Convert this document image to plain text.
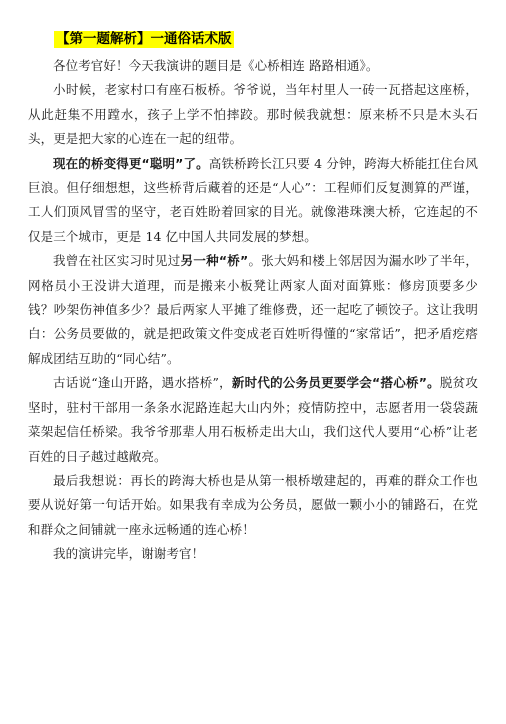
【第一题解析】一通俗话术版

各位考官好！今天我演讲的题目是《心桥相连 路路相通》。

小时候，老家村口有座石板桥。爷爷说，当年村里人一砖一瓦搭起这座桥，从此赶集不用蹚水，孩子上学不怕摔跤。那时候我就想：原来桥不只是木头石头，更是把大家的心连在一起的纽带。

现在的桥变得更“聪明”了。高铁桥跨长江只要 4 分钟，跨海大桥能扛住台风巨浪。但仔细想想，这些桥背后藏着的还是“人心”：工程师们反复测算的严谨，工人们顶风冒雪的坚守，老百姓盼着回家的目光。就像港珠澳大桥，它连起的不仅是三个城市，更是 14 亿中国人共同发展的梦想。

我曾在社区实习时见过另一种“桥”。张大妈和楼上邻居因为漏水吵了半年，网格员小王没讲大道理，而是搬来小板凳让两家人面对面算账：修房顶要多少钱？吵架伤神值多少？最后两家人平摊了维修费，还一起吃了顿饺子。这让我明白：公务员要做的，就是把政策文件变成老百姓听得懂的“家常话”，把矛盾疙瘩解成团结互助的“同心结”。

古话说“逢山开路，遇水搭桥”，新时代的公务员更要学会“搭心桥”。脱贫攻坚时，驻村干部用一条条水泥路连起大山内外；疫情防控中，志愿者用一袋袋蔬菜架起信任桥梁。我爷爷那辈人用石板桥走出大山，我们这代人要用“心桥”让老百姓的日子越过越敞亮。

最后我想说：再长的跨海大桥也是从第一根桥墩建起的，再难的群众工作也要从说好第一句话开始。如果我有幸成为公务员，愿做一颗小小的铺路石，在党和群众之间铺就一座永远畅通的连心桥！

我的演讲完毕，谢谢考官！
